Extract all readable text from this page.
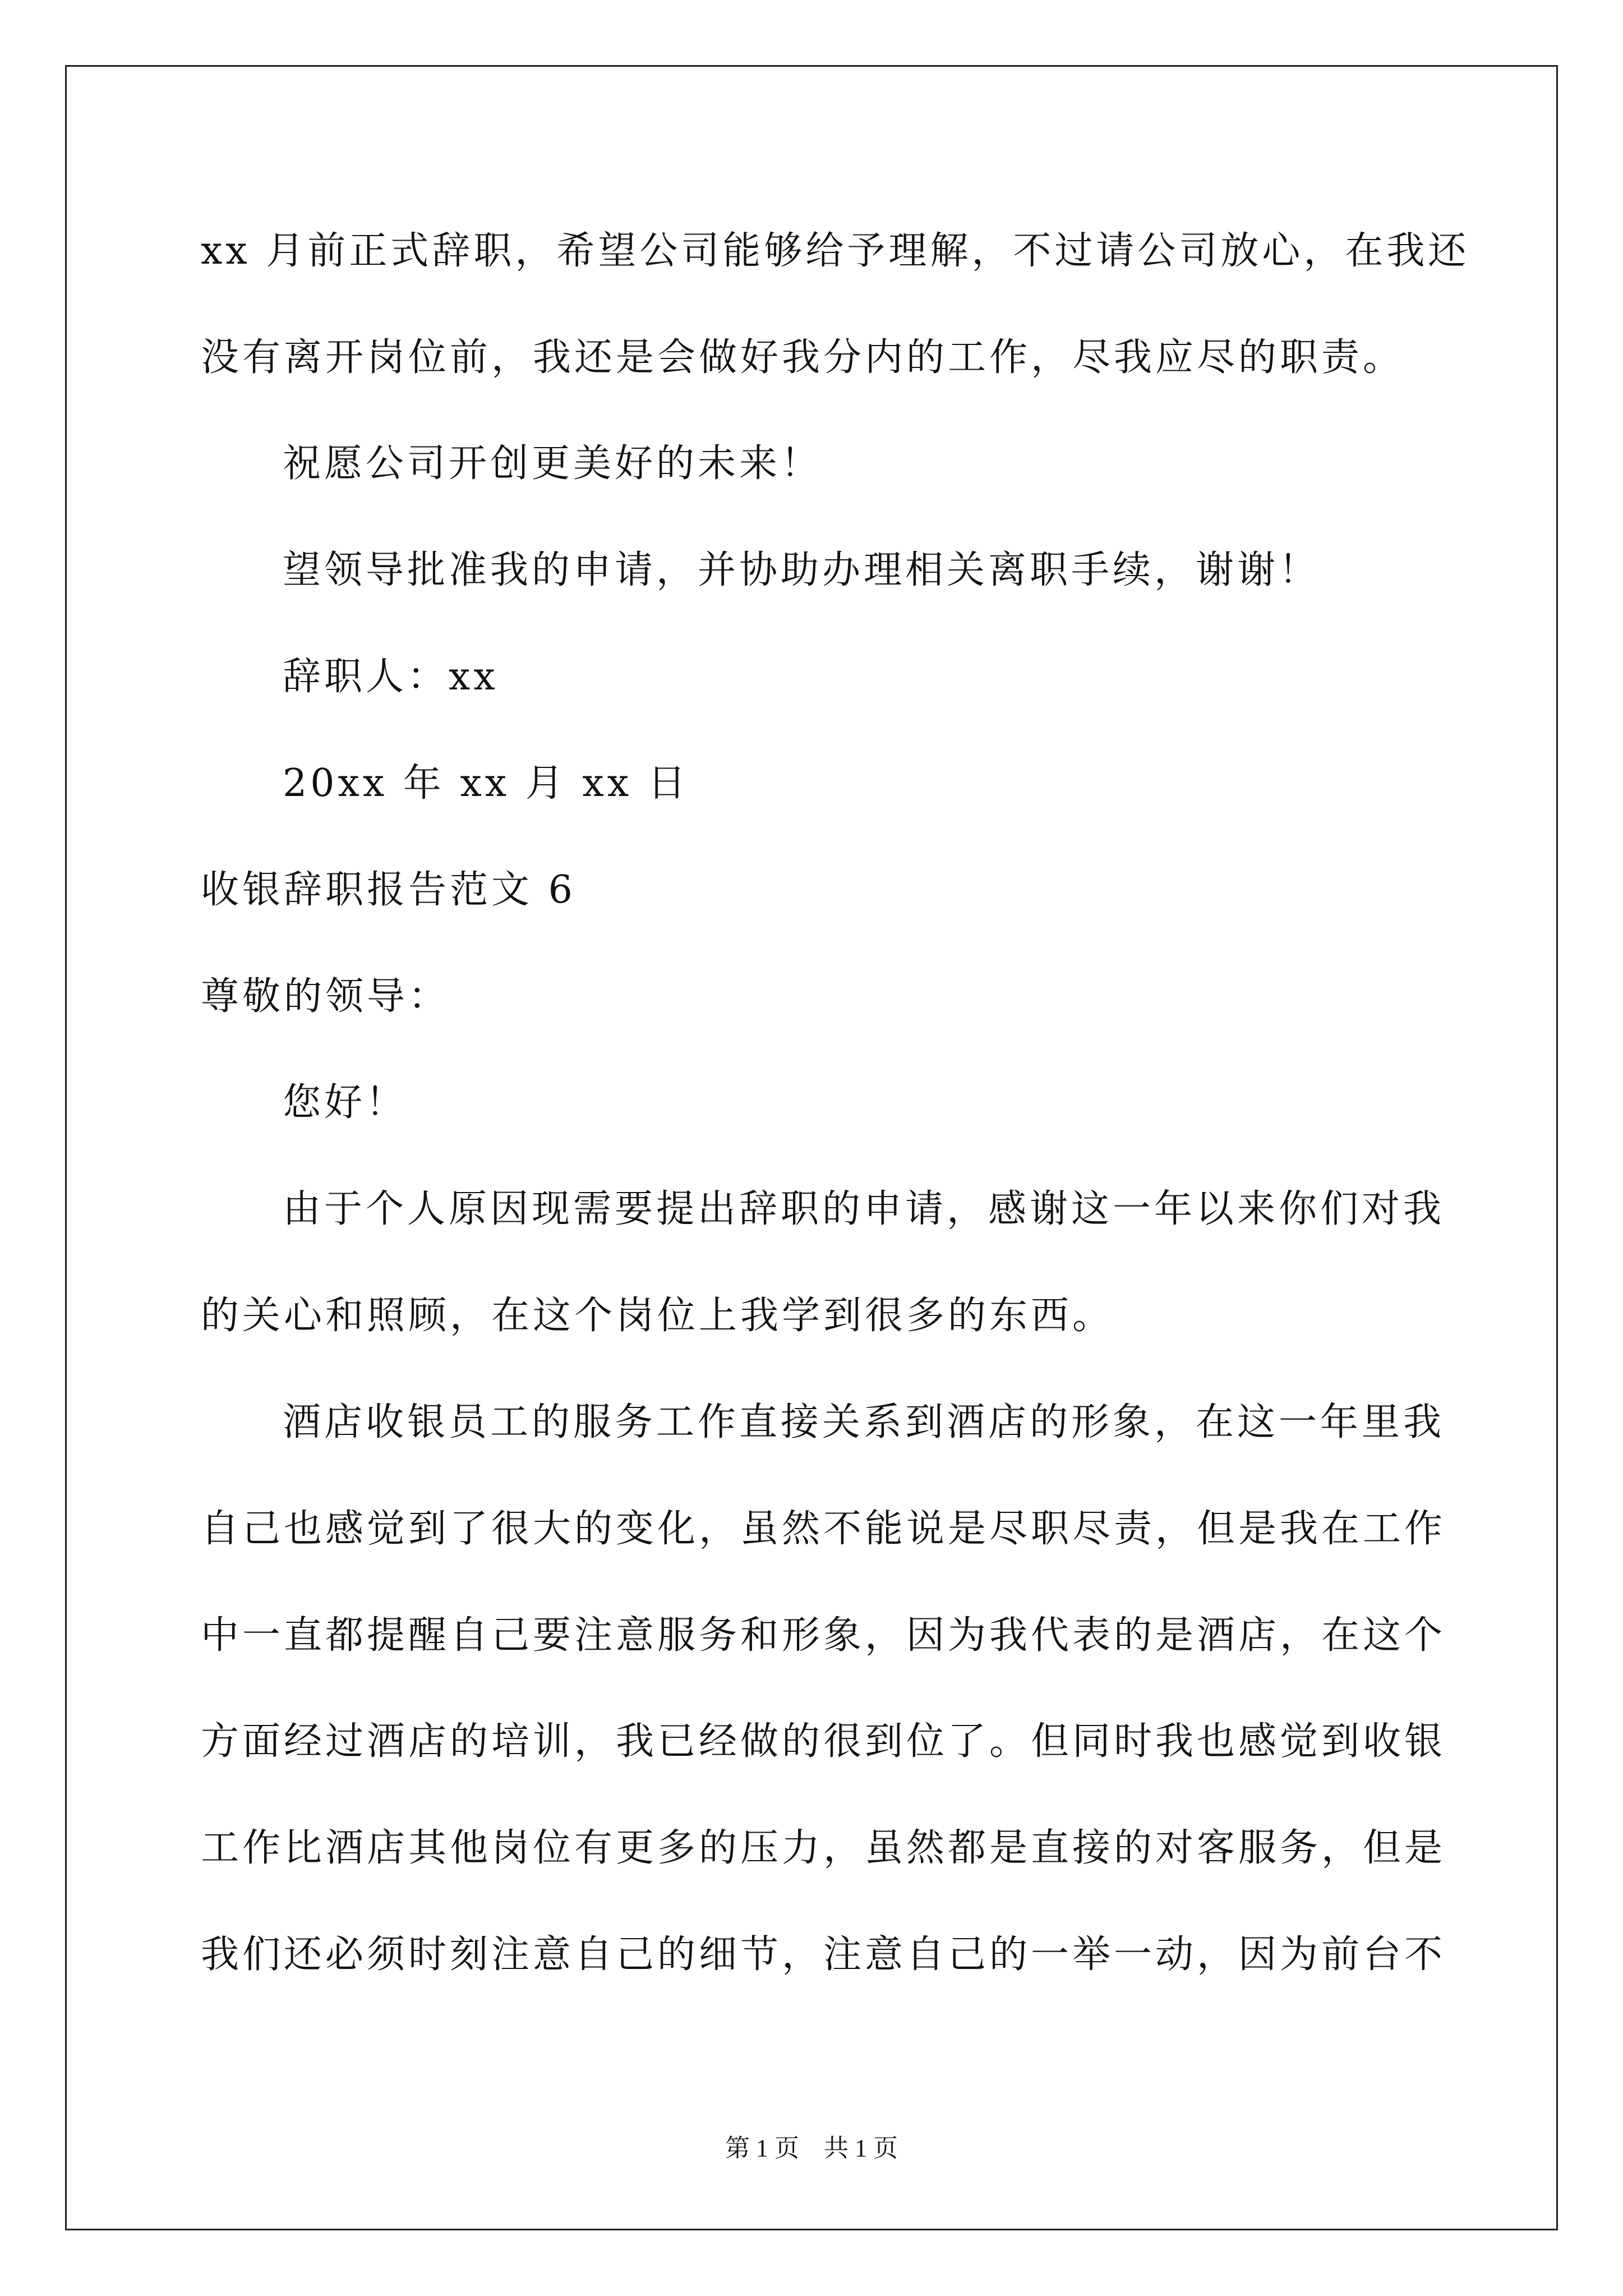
xx 月前正式辞职，希望公司能够给予理解，不过请公司放心，在我还
没有离开岗位前，我还是会做好我分内的工作，尽我应尽的职责。
祝愿公司开创更美好的未来！
望领导批准我的申请，并协助办理相关离职手续，谢谢！
辞职人：xx
20xx 年 xx 月 xx 日
收银辞职报告范文 6
尊敬的领导：
您好！
由于个人原因现需要提出辞职的申请，感谢这一年以来你们对我
的关心和照顾，在这个岗位上我学到很多的东西。
酒店收银员工的服务工作直接关系到酒店的形象，在这一年里我
自己也感觉到了很大的变化，虽然不能说是尽职尽责，但是我在工作
中一直都提醒自己要注意服务和形象，因为我代表的是酒店，在这个
方面经过酒店的培训，我已经做的很到位了。但同时我也感觉到收银
工作比酒店其他岗位有更多的压力，虽然都是直接的对客服务，但是
我们还必须时刻注意自己的细节，注意自己的一举一动，因为前台不
第 1 页　共 1 页
